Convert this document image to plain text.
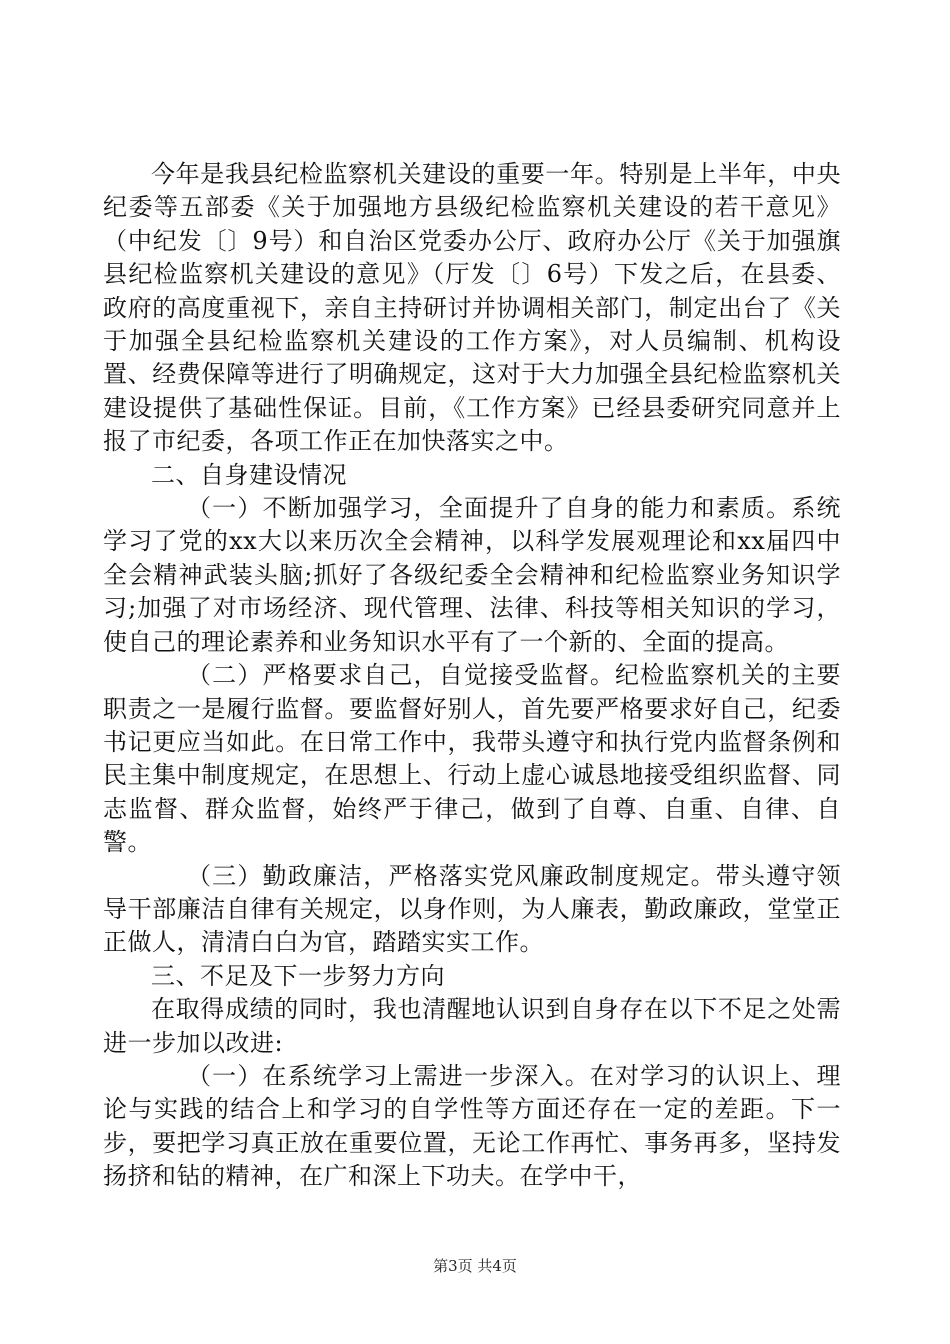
今年是我县纪检监察机关建设的重要一年。特别是上半年，中央纪委等五部委《关于加强地方县级纪检监察机关建设的若干意见》（中纪发〔〕9号）和自治区党委办公厅、政府办公厅《关于加强旗县纪检监察机关建设的意见》（厅发〔〕6号）下发之后，在县委、政府的高度重视下，亲自主持研讨并协调相关部门，制定出台了《关于加强全县纪检监察机关建设的工作方案》，对人员编制、机构设置、经费保障等进行了明确规定，这对于大力加强全县纪检监察机关建设提供了基础性保证。目前，《工作方案》已经县委研究同意并上报了市纪委，各项工作正在加快落实之中。

二、自身建设情况

（一）不断加强学习，全面提升了自身的能力和素质。系统学习了党的xx大以来历次全会精神，以科学发展观理论和xx届四中全会精神武装头脑;抓好了各级纪委全会精神和纪检监察业务知识学习;加强了对市场经济、现代管理、法律、科技等相关知识的学习，使自己的理论素养和业务知识水平有了一个新的、全面的提高。

（二）严格要求自己，自觉接受监督。纪检监察机关的主要职责之一是履行监督。要监督好别人，首先要严格要求好自己，纪委书记更应当如此。在日常工作中，我带头遵守和执行党内监督条例和民主集中制度规定，在思想上、行动上虚心诚恳地接受组织监督、同志监督、群众监督，始终严于律己，做到了自尊、自重、自律、自警。

（三）勤政廉洁，严格落实党风廉政制度规定。带头遵守领导干部廉洁自律有关规定，以身作则，为人廉表，勤政廉政，堂堂正正做人，清清白白为官，踏踏实实工作。

三、不足及下一步努力方向

在取得成绩的同时，我也清醒地认识到自身存在以下不足之处需进一步加以改进:

（一）在系统学习上需进一步深入。在对学习的认识上、理论与实践的结合上和学习的自学性等方面还存在一定的差距。下一步，要把学习真正放在重要位置，无论工作再忙、事务再多，坚持发扬挤和钻的精神，在广和深上下功夫。在学中干，

第3页 共4页
